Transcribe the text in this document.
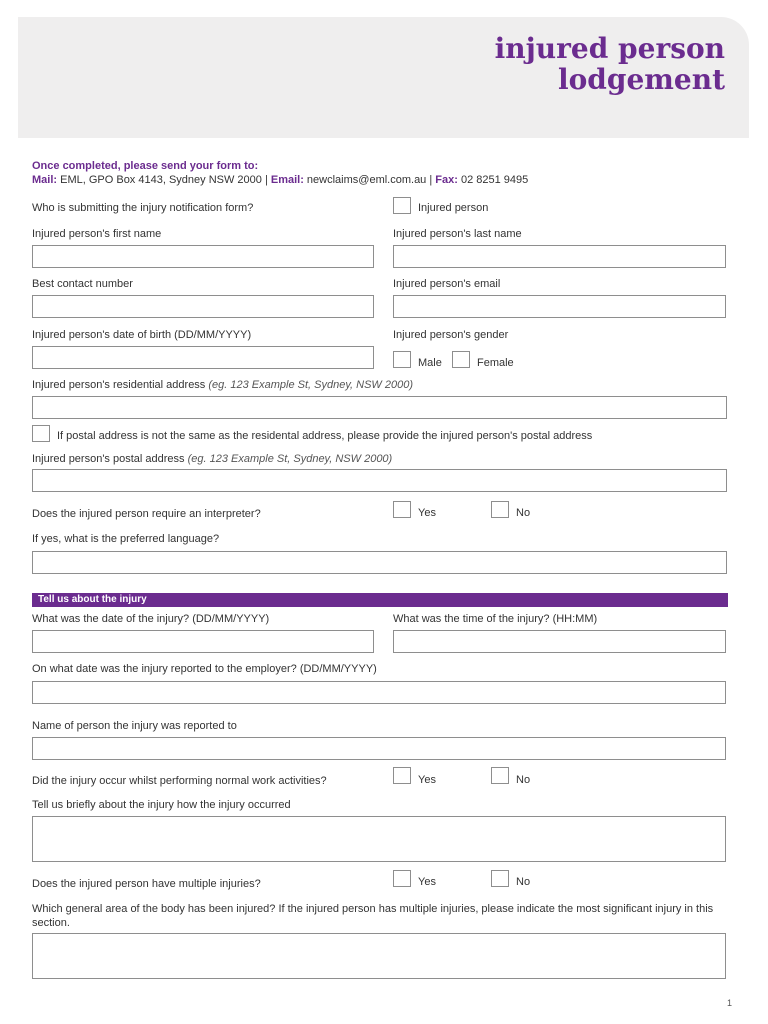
injured person
lodgement
Once completed, please send your form to:
Mail: EML, GPO Box 4143, Sydney NSW 2000 | Email: newclaims@eml.com.au | Fax: 02 8251 9495
Who is submitting the injury notification form?	Injured person
Injured person's first name	Injured person's last name
Best contact number	Injured person's email
Injured person's date of birth (DD/MM/YYYY)	Injured person's gender
Male	Female
Injured person's residential address (eg. 123 Example St, Sydney, NSW 2000)
If postal address is not the same as the residental address, please provide the injured person's postal address
Injured person's postal address (eg. 123 Example St, Sydney, NSW 2000)
Does the injured person require an interpreter?	Yes	No
If yes, what is the preferred language?
Tell us about the injury
What was the date of the injury? (DD/MM/YYYY)	What was the time of the injury? (HH:MM)
On what date was the injury reported to the employer? (DD/MM/YYYY)
Name of person the injury was reported to
Did the injury occur whilst performing normal work activities?	Yes	No
Tell us briefly about the injury how the injury occurred
Does the injured person have multiple injuries?	Yes	No
Which general area of the body has been injured? If the injured person has multiple injuries, please indicate the most significant injury in this section.
1
